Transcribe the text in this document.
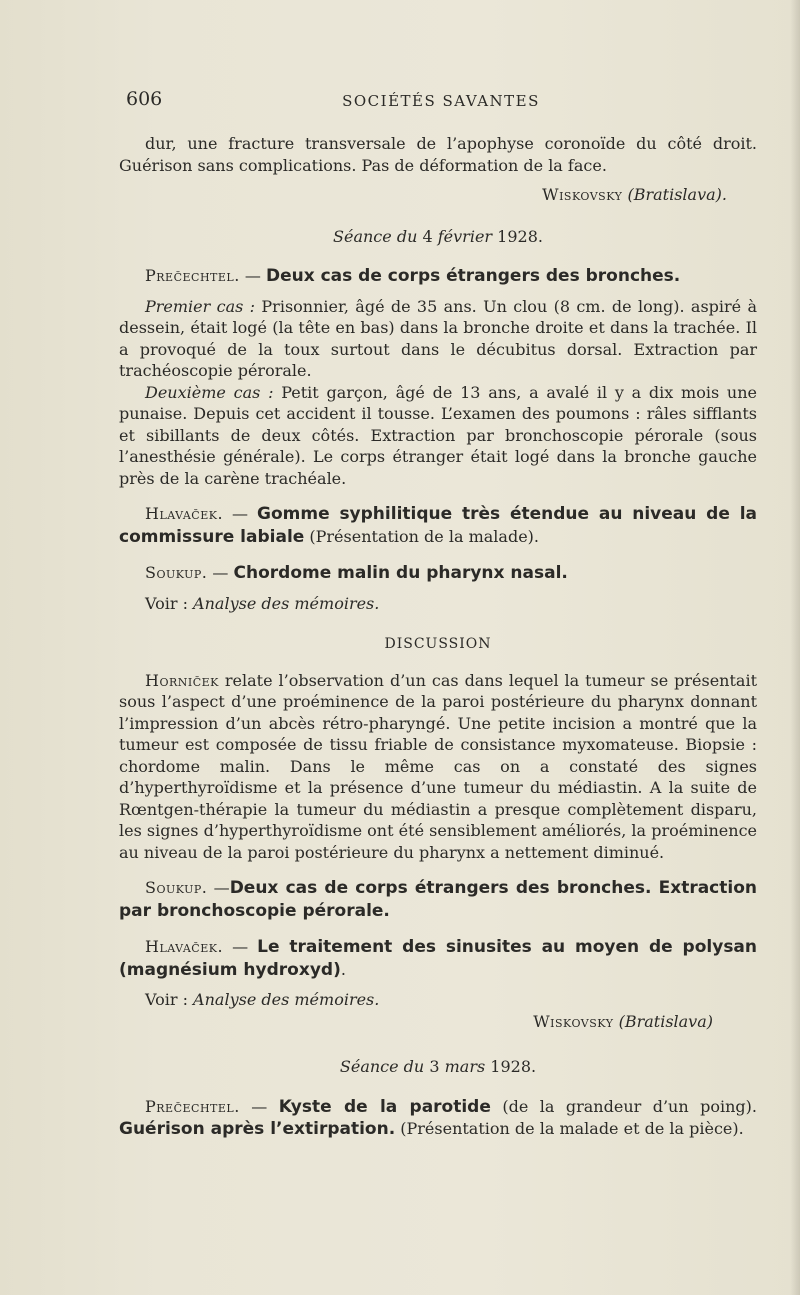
606	SOCIÉTÉS SAVANTES

dur, une fracture transversale de l’apophyse coronoïde du côté droit. Guérison sans complications. Pas de déformation de la face.

Wiskovsky (Bratislava).

Séance du 4 février 1928.

Prec̆echtel. — Deux cas de corps étrangers des bronches.

Premier cas : Prisonnier, âgé de 35 ans. Un clou (8 cm. de long). aspiré à dessein, était logé (la tête en bas) dans la bronche droite et dans la trachée. Il a provoqué de la toux surtout dans le décubitus dorsal. Extraction par trachéoscopie pérorale.

Deuxième cas : Petit garçon, âgé de 13 ans, a avalé il y a dix mois une punaise. Depuis cet accident il tousse. L’examen des poumons : râles sifflants et sibillants de deux côtés. Extraction par bronchoscopie pérorale (sous l’anesthésie générale). Le corps étranger était logé dans la bronche gauche près de la carène trachéale.

Hlavac̆ek. — Gomme syphilitique très étendue au niveau de la commissure labiale (Présentation de la malade).

Soukup. — Chordome malin du pharynx nasal.

Voir : Analyse des mémoires.

DISCUSSION

Hornic̆ek relate l’observation d’un cas dans lequel la tumeur se présentait sous l’aspect d’une proéminence de la paroi postérieure du pharynx donnant l’impression d’un abcès rétro-pharyngé. Une petite incision a montré que la tumeur est composée de tissu friable de consistance myxomateuse. Biopsie : chordome malin. Dans le même cas on a constaté des signes d’hyperthyroïdisme et la présence d’une tumeur du médiastin. A la suite de Rœntgen-thérapie la tumeur du médiastin a presque complètement disparu, les signes d’hyperthyroïdisme ont été sensiblement améliorés, la proéminence au niveau de la paroi postérieure du pharynx a nettement diminué.

Soukup. —Deux cas de corps étrangers des bronches. Extraction par bronchoscopie pérorale.

Hlavac̆ek. — Le traitement des sinusites au moyen de polysan (magnésium hydroxyd).

Voir : Analyse des mémoires.

Wiskovsky (Bratislava)

Séance du 3 mars 1928.

Prec̆echtel. — Kyste de la parotide (de la grandeur d’un poing). Guérison après l’extirpation. (Présentation de la malade et de la pièce).
